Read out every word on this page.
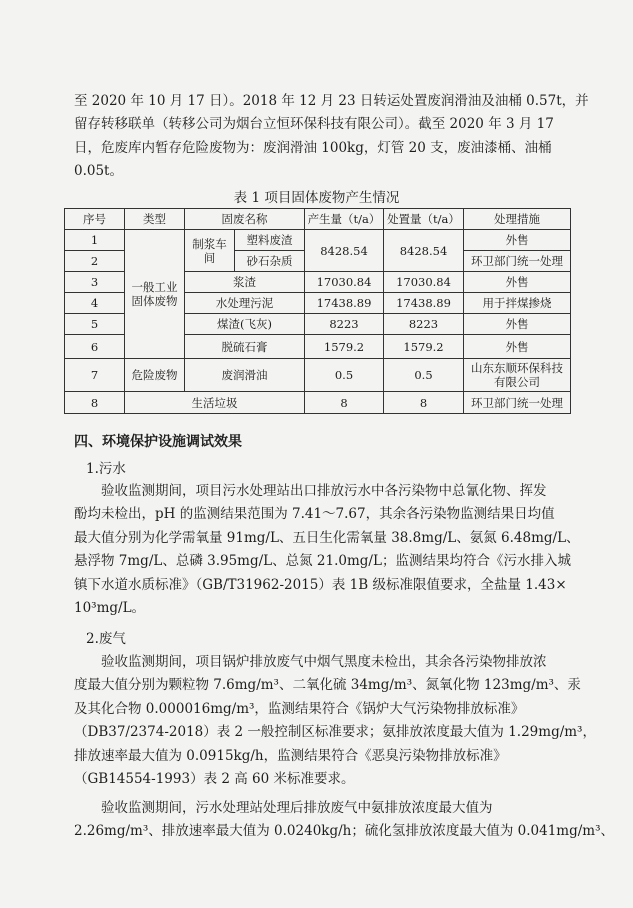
至 2020 年 10 月 17 日）。2018 年 12 月 23 日转运处置废润滑油及油桶 0.57t，并
留存转移联单（转移公司为烟台立恒环保科技有限公司）。截至 2020 年 3 月 17
日，危废库内暂存危险废物为：废润滑油 100kg，灯管 20 支，废油漆桶、油桶
0.05t。

表 1 项目固体废物产生情况
序号	类型	固废名称		产生量（t/a）	处置量（t/a）	处理措施
1	一般工业固体废物	制浆车间	塑料废渣	8428.54	8428.54	外售
2			砂石杂质			环卫部门统一处理
3		浆渣		17030.84	17030.84	外售
4		水处理污泥		17438.89	17438.89	用于拌煤掺烧
5		煤渣(飞灰)		8223	8223	外售
6		脱硫石膏		1579.2	1579.2	外售
7	危险废物	废润滑油		0.5	0.5	山东东顺环保科技有限公司
8	生活垃圾			8	8	环卫部门统一处理
四、环境保护设施调试效果
1.污水

验收监测期间，项目污水处理站出口排放污水中各污染物中总氰化物、挥发
酚均未检出，pH 的监测结果范围为 7.41～7.67，其余各污染物监测结果日均值
最大值分别为化学需氧量 91mg/L、五日生化需氧量 38.8mg/L、氨氮 6.48mg/L、
悬浮物 7mg/L、总磷 3.95mg/L、总氮 21.0mg/L；监测结果均符合《污水排入城
镇下水道水质标准》（GB/T31962-2015）表 1B 级标准限值要求，全盐量 1.43×
10³mg/L。

2.废气

验收监测期间，项目锅炉排放废气中烟气黑度未检出，其余各污染物排放浓
度最大值分别为颗粒物 7.6mg/m³、二氧化硫 34mg/m³、氮氧化物 123mg/m³、汞
及其化合物 0.000016mg/m³，监测结果符合《锅炉大气污染物排放标准》
（DB37/2374-2018）表 2 一般控制区标准要求；氨排放浓度最大值为 1.29mg/m³，
排放速率最大值为 0.0915kg/h，监测结果符合《恶臭污染物排放标准》
（GB14554-1993）表 2 高 60 米标准要求。

验收监测期间，污水处理站处理后排放废气中氨排放浓度最大值为
2.26mg/m³、排放速率最大值为 0.0240kg/h；硫化氢排放浓度最大值为 0.041mg/m³、
